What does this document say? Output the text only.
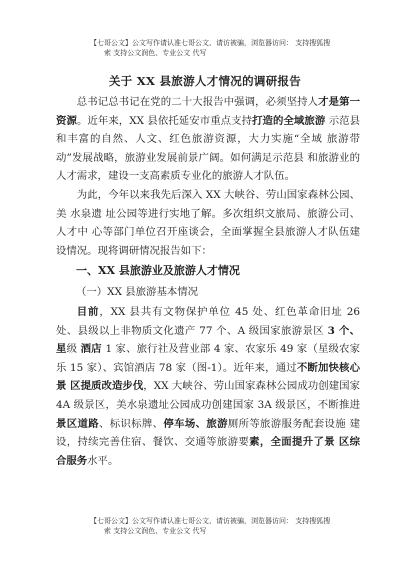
【七哥公文】公文写作请认准七哥公文、请访被骗，浏览器访问： 支持搜狐搜
索 支持公文润色、专业公文 代写
关于 XX 县旅游人才情况的调研报告
总书记总书记在党的二十大报告中强调，必须坚持人才是第一资源。近年来，XX 县依托延安市重点支持打造的全域旅游 示范县和丰富的自然、人文、红色旅游资源，大力实施“全域 旅游带动”发展战略，旅游业发展前景广阔。如何满足示范县 和旅游业的人才需求，建设一支高素质专业化的旅游人才队伍。
为此，今年以来我先后深入 XX 大峡谷、劳山国家森林公园、美 水泉遗 址公园等进行实地了解。多次组织文旅局、旅游公司、人才中 心等部门单位召开座谈会，全面掌握全县旅游人才队伍建设情况。现将调研情况报告如下：
一、XX 县旅游业及旅游人才情况
（一）XX 县旅游基本情况
目前，XX 县共有文物保护单位 45 处、红色革命旧址 26 处、县级以上非物质文化遗产 77 个、A 级国家旅游景区 3 个、星级 酒店 1 家、旅行社及营业部 4 家、农家乐 49 家（星级农家乐 15 家）、宾馆酒店 78 家（图-1）。近年来，通过不断加快核心景 区提质改造步伐，XX 大峡谷、劳山国家森林公园成功创建国家 4A 级景区，美水泉遗址公园成功创建国家 3A 级景区，不断推进 景区道路、标识标牌、停车场、旅游厕所等旅游服务配套设施 建设，持续完善住宿、餐饮、交通等旅游要素，全面提升了景 区综合服务水平。
【七哥公文】公文写作请认准七哥公文、请访被骗，浏览器访问： 支持搜狐搜
索 支持公文润色、专业公文 代写
